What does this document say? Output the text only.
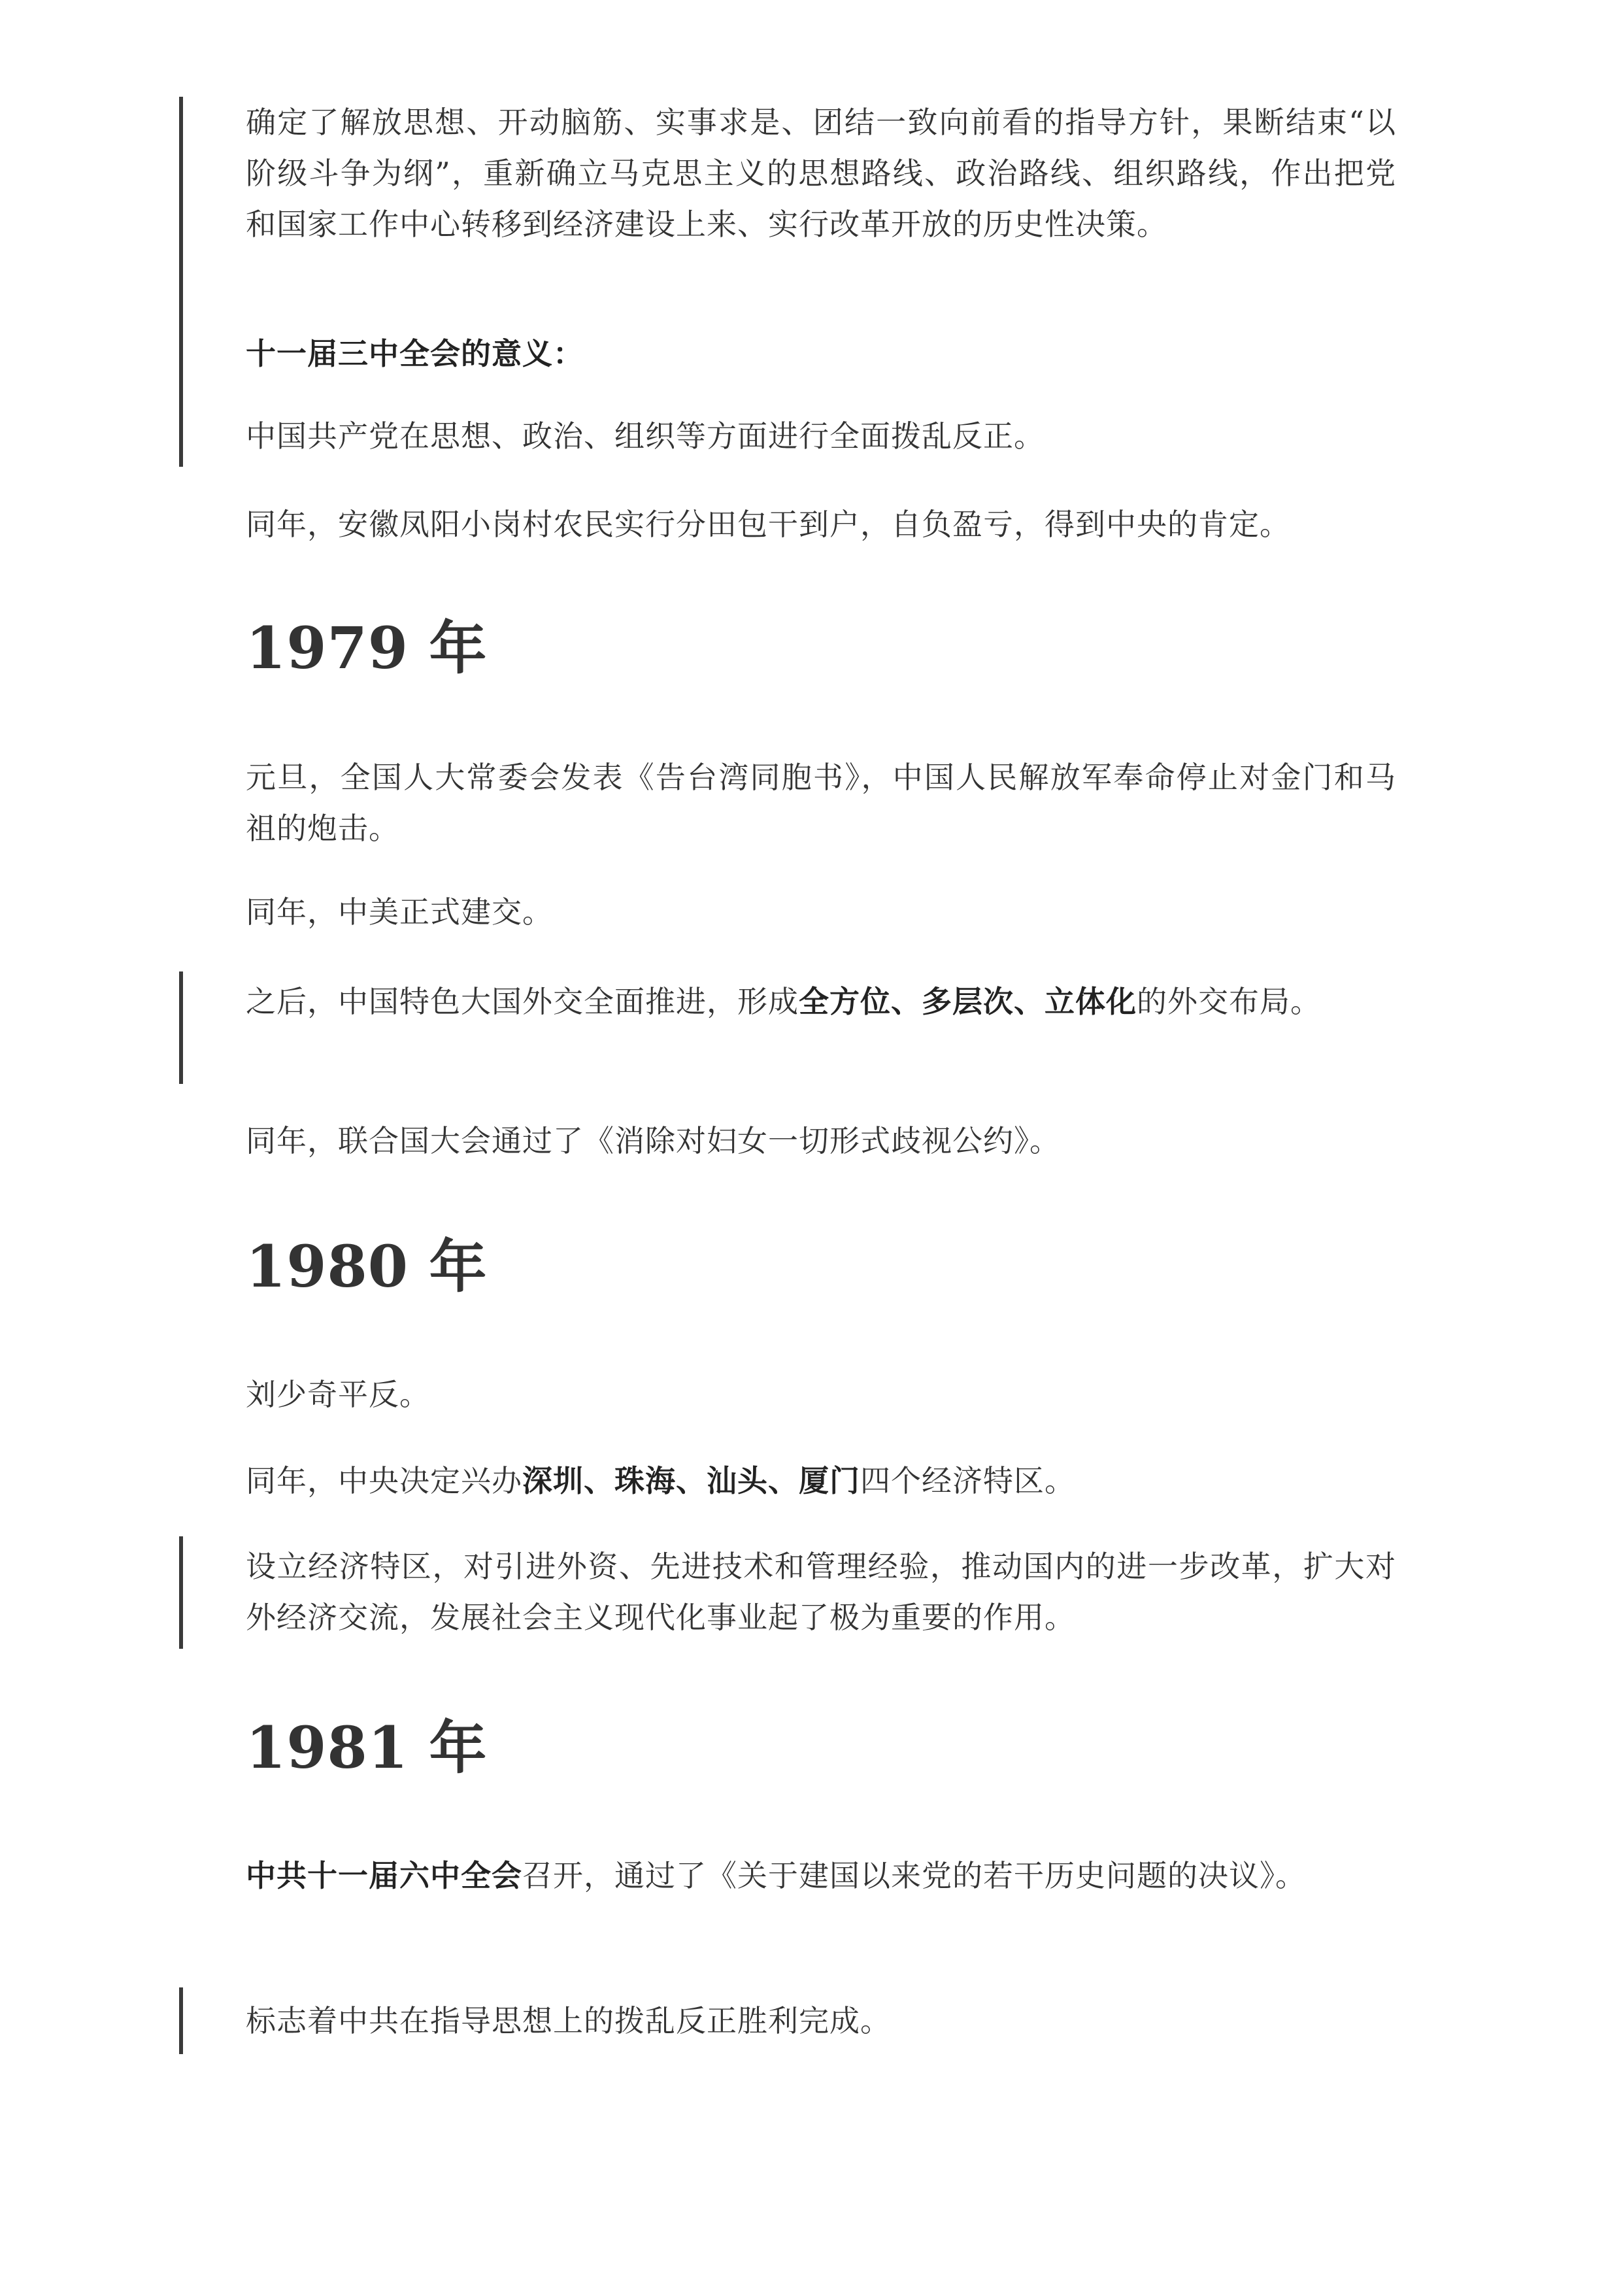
确定了解放思想、开动脑筋、实事求是、团结一致向前看的指导方针，果断结束“以阶级斗争为纲”，重新确立马克思主义的思想路线、政治路线、组织路线，作出把党和国家工作中心转移到经济建设上来、实行改革开放的历史性决策。

十一届三中全会的意义：

中国共产党在思想、政治、组织等方面进行全面拨乱反正。

同年，安徽凤阳小岗村农民实行分田包干到户，自负盈亏，得到中央的肯定。

1979 年

元旦，全国人大常委会发表《告台湾同胞书》，中国人民解放军奉命停止对金门和马祖的炮击。

同年，中美正式建交。

之后，中国特色大国外交全面推进，形成全方位、多层次、立体化的外交布局。

同年，联合国大会通过了《消除对妇女一切形式歧视公约》。

1980 年

刘少奇平反。

同年，中央决定兴办深圳、珠海、汕头、厦门四个经济特区。

设立经济特区，对引进外资、先进技术和管理经验，推动国内的进一步改革，扩大对外经济交流，发展社会主义现代化事业起了极为重要的作用。

1981 年

中共十一届六中全会召开，通过了《关于建国以来党的若干历史问题的决议》。

标志着中共在指导思想上的拨乱反正胜利完成。
